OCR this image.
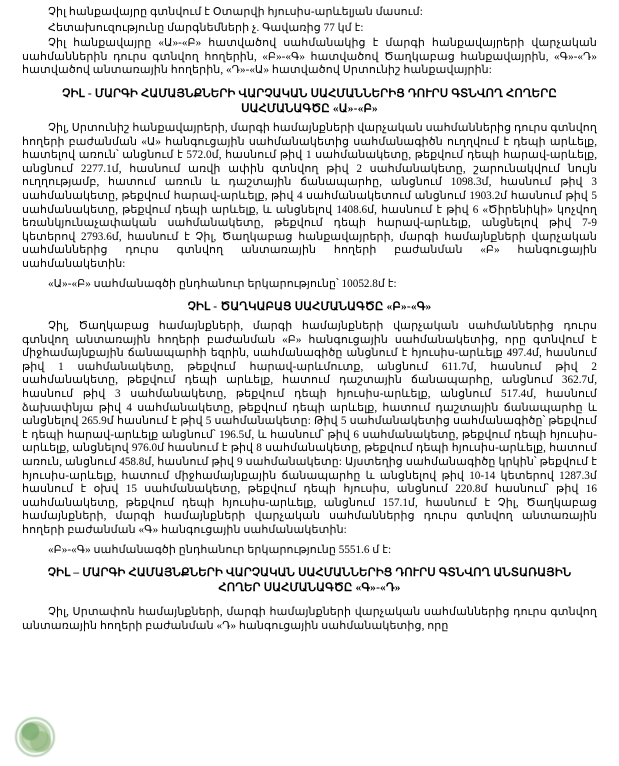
Չիլ հանքավայրը գտնվում է Օտարվի հյուսիս-արևելյան մասում:

Հետախուզությունը մարգնեմների չ. Գավառից 77 կմ է:

Չիլ հանքավայրը «Ա»-«Բ» հատվածով սահմանակից է մարգի հանքավայրերի վարչական սահմաններին դուրս գտնվող հողերին, «Բ»-«Գ» հատվածով Ծաղկաբաց հանքավայրին, «Գ»-«Դ» հատվածով անտառային հողերին, «Դ»-«Ա» հատվածով Սրտունիշ հանքավայրին:

ՉԻԼ - ՄԱՐԳԻ ՀԱՄԱՅՆՔՆԵՐԻ ՎԱՐՉԱԿԱՆ ՍԱՀՄԱՆՆԵՐԻՑ ԴՈՒՐՍ ԳՏՆՎՈՂ ՀՈՂԵՐԸ
ՍԱՀՄԱՆԱԳԾԸ «Ա»-«Բ»

Չիլ, Սրտունիշ հանքավայրերի, մարգի համայնքների վարչական սահմաններից դուրս գտնվող հողերի բաժանման «Ա» հանգուցային սահմանակետից սահմանագիծն ուղղվում է դեպի արևելք, հատելով առուն՝ անցնում է 572.0մ, հասնում թիվ 1 սահմանակետը, թեքվում դեպի հարավ-արևելք, անցնում 2277.1մ, հասնում առվի ափին գտնվող թիվ 2 սահմանակետը, շարունակվում նույն ուղղությամբ, հատում առուն և դաշտային ճանապարհը, անցնում 1098.3մ, հասնում թիվ 3 սահմանակետը, թեքվում հարավ-արևելք, թիվ 4 սահմանակետում անցնում 1903.2մ հասնում թիվ 5 սահմանակետը, թեքվում դեպի արևելք, և անցնելով 1408.6մ, հասնում է թիվ 6 «Ծիրենիկի» կոչվող եռանկյունաչափական սահմանակետը, թեքվում դեպի հարավ-արևելք, անցնելով թիվ 7-9 կետերով 2793.6մ, հասնում է Չիլ, Ծաղկաբաց հանքավայրերի, մարգի համայնքների վարչական սահմաններից դուրս գտնվող անտառային հողերի բաժանման «Բ» հանգուցային սահմանակետին:

«Ա»-«Բ» սահմանագծի ընդհանուր երկարությունը՝ 10052.8մ է:

ՉԻԼ - ԾԱՂԿԱԲԱՑ ՍԱՀՄԱՆԱԳԾԸ «Բ»-«Գ»

Չիլ, Ծաղկաբաց համայնքների, մարգի համայնքների վարչական սահմաններից դուրս գտնվող անտառային հողերի բաժանման «Բ» հանգուցային սահմանակետից, որը գտնվում է միջհամայնքային ճանապարհի եզրին, սահմանագիծը անցնում է հյուսիս-արևելք 497.4մ, հասնում թիվ 1 սահմանակետը, թեքվում հարավ-արևմուտք, անցնում 611.7մ, հասնում թիվ 2 սահմանակետը, թեքվում դեպի արևելք, հատում դաշտային ճանապարհը, անցնում 362.7մ, հասնում թիվ 3 սահմանակետը, թեքվում դեպի հյուսիս-արևելք, անցնում 517.4մ, հասնում ձախափնյա թիվ 4 սահմանակետը, թեքվում դեպի արևելք, հատում դաշտային ճանապարհը և անցնելով 265.9մ հասնում է թիվ 5 սահմանակետը: Թիվ 5 սահմանակետից սահմանագիծը՝ թեքվում է դեպի հարավ-արևելք անցնում՝ 196.5մ, և հասնում՝ թիվ 6 սահմանակետը, թեքվում դեպի հյուսիս-արևելք, անցնելով 976.0մ հասնում է թիվ 8 սահմանակետը, թեքվում դեպի հյուսիս-արևելք, հատում առուն, անցնում 458.8մ, հասնում թիվ 9 սահմանակետը: Այստեղից սահմանագիծը կրկին՝ թեքվում է հյուսիս-արևելք, հատում միջհամայնքային ճանապարհը և անցնելով թիվ 10-14 կետերով 1287.3մ հասնում է օխվ 15 սահմանակետը, թեքվում դեպի հյուսիս, անցնում 220.8մ հասնում՝ թիվ 16 սահմանակետը, թեքվում դեպի հյուսիս-արևելք, անցնում 157.1մ, հասնում է Չիլ, Ծաղկաբաց համայնքների, մարգի համայնքների վարչական սահմաններից դուրս գտնվող անտառային հողերի բաժանման «Գ» հանգուցային սահմանակետին:

«Բ»-«Գ» սահմանագծի ընդհանուր երկարությունը 5551.6 մ է:

ՉԻԼ – ՄԱՐԳԻ ՀԱՄԱՅՆՔՆԵՐԻ ՎԱՐՉԱԿԱՆ ՍԱՀՄԱՆՆԵՐԻՑ ԴՈՒՐՍ ԳՏՆՎՈՂ ԱՆՏԱՌԱՅԻՆ
ՀՈՂԵՐ ՍԱՀՄԱՆԱԳԾԸ «Գ»-«Դ»

Չիլ, Սրտափոն համայնքների, մարգի համայնքների վարչական սահմաններից դուրս գտնվող անտառային հողերի բաժանման «Դ» հանգուցային սահմանակետից, որը
